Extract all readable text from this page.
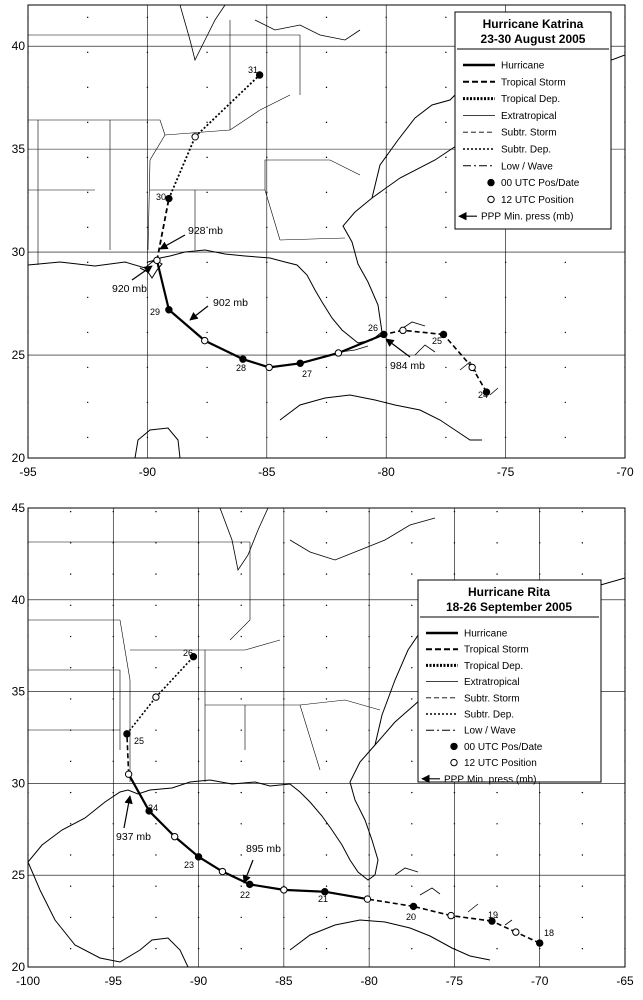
-95	-90	-85	-80	-75	-70
20
25
30
35
40
24
25
26
27
28
29
30
31
984 mb
902 mb
920 mb
928 mb
Hurricane Katrina
23-30 August 2005
Hurricane
Tropical Storm
Tropical Dep.
Extratropical
Subtr. Storm
Subtr. Dep.
Low / Wave
00 UTC Pos/Date
12 UTC Position
PPP Min. press (mb)
-100	-95	-90	-85	-80	-75	-70	-65
20
25
30
35
40
45
18
19
20
21
22
23
24
25
26
895 mb
937 mb
Hurricane Rita
18-26 September 2005
Hurricane
Tropical Storm
Tropical Dep.
Extratropical
Subtr. Storm
Subtr. Dep.
Low / Wave
00 UTC Pos/Date
12 UTC Position
PPP Min. press (mb)
